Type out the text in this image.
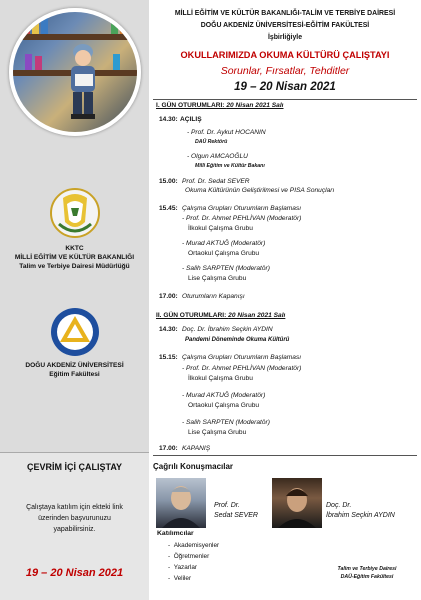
KKTC
MİLLİ EĞİTİM VE KÜLTÜR BAKANLIĞI
Talim ve Terbiye Dairesi Müdürlüğü
DOĞU AKDENİZ ÜNİVERSİTESİ
Eğitim Fakültesi
ÇEVRİM İÇİ ÇALIŞTAY
Çalıştaya katılım için ekteki link
üzerinden başvurunuzu
yapabilirsiniz.
19 – 20 Nisan 2021
MİLLİ EĞİTİM VE KÜLTÜR BAKANLIĞI-TALİM VE TERBİYE DAİRESİ
DOĞU AKDENİZ ÜNİVERSİTESİ-EĞİTİM FAKÜLTESİ
İşbirliğiyle
OKULLARIMIZDA OKUMA KÜLTÜRÜ ÇALIŞTAYI
Sorunlar, Fırsatlar, Tehditler
19 – 20 Nisan 2021
I. GÜN OTURUMLARI: 20 Nisan 2021 Salı
14.30: AÇILIŞ
- Prof. Dr. Aykut HOCANIN
DAÜ Rektörü
- Olgun AMCAOĞLU
Milli Eğitim ve Kültür Bakanı
15.00: Prof. Dr. Sedat SEVER
Okuma Kültürünün Geliştirilmesi ve PISA Sonuçları
15.45: Çalışma Grupları Oturumların Başlaması
- Prof. Dr. Ahmet PEHLİVAN (Moderatör)
İlkokul Çalışma Grubu
- Murad AKTUĞ (Moderatör)
Ortaokul Çalışma Grubu
- Salih SARPTEN (Moderatör)
Lise Çalışma Grubu
17.00: Oturumların Kapanışı
II. GÜN OTURUMLARI: 20 Nisan 2021 Salı
14.30: Doç. Dr. İbrahim Seçkin AYDIN
Pandemi Döneminde Okuma Kültürü
15.15: Çalışma Grupları Oturumların Başlaması
- Prof. Dr. Ahmet PEHLİVAN (Moderatör)
İlkokul Çalışma Grubu
- Murad AKTUĞ (Moderatör)
Ortaokul Çalışma Grubu
- Salih SARPTEN (Moderatör)
Lise Çalışma Grubu
17.00: KAPANIŞ
Çağrılı Konuşmacılar
Prof. Dr.
Sedat SEVER
Doç. Dr.
İbrahim Seçkin AYDIN
Katılımcılar
-  Akademisyenler
-  Öğretmenler
-  Yazarlar
-  Veliler
Talim ve Terbiye Dairesi
DAÜ-Eğitim Fakültesi
